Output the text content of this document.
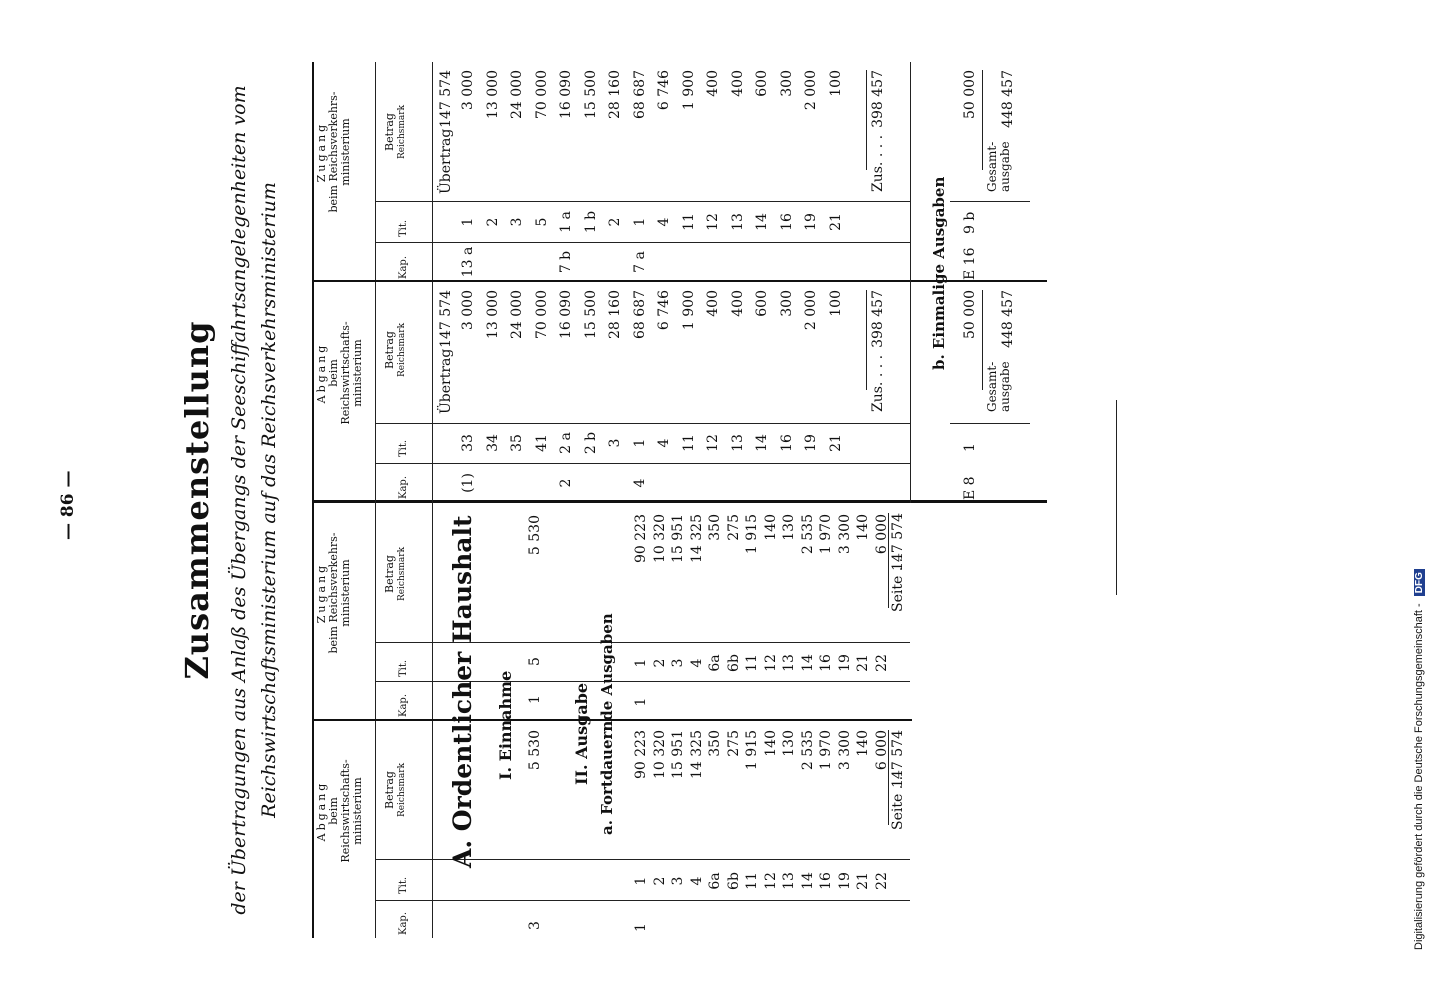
— 86 —	Zusammenstellung der Übertragungen aus Anlaß des Übergangs der Seeschiffahrtsangelegenheiten vom Reichswirtschaftsministerium auf das Reichsverkehrsministerium	Abgang beim Reichswirtschafts-ministerium
Zugang beim Reichsverkehrs-ministerium
Kap.
Tit.
Betrag Reichsmark
Kap.
Tit.
Betrag Reichsmark A. Ordentlicher Haushalt I. Einnahme
3
5 530
1
5
5 530
II. Ausgabe a. Fortdauernde Ausgaben
1
1
90 223
1
1
90 223
2
10 320
2
10 320
3
15 951
3
15 951
4
14 325
4
14 325
6a
350
6a
350
6b
275
6b
275
11
1 915
11
1 915
12
140
12
140
13
130
13
130
14
2 535
14
2 535
16
1 970
16
1 970
19
3 300
19
3 300
21
140
21
140
22
6 000
22
6 000
Seite . .
147 574
Seite . .
147 574
Abgang beim Reichswirtschafts-ministerium
Zugang beim Reichsverkehrs-ministerium
Kap.
Tit.
Betrag Reichsmark
Kap.
Tit.
Betrag Reichsmark
Übertrag
147 574
Übertrag
147 574
(1)
33
3 000
13 a
1
3 000
34
13 000
2
13 000
35
24 000
3
24 000
41
70 000
5
70 000
2
2 a
16 090
7 b
1 a
16 090
2 b
15 500
1 b
15 500
3
28 160
2
28 160
4
1
68 687
7 a
1
68 687
4
6 746
4
6 746
11
1 900
11
1 900
12
400
12
400
13
400
13
400
14
600
14
600
16
300
16
300
19
2 000
19
2 000
21
100
21
100
Zus. . . .
398 457
Zus. . . .
398 457
b. Einmalige Ausgaben
E 8
1
50 000
E 16
9 b
50 000
Gesamt- ausgabe
448 457
Gesamt- ausgabe
448 457
Digitalisierung gefördert durch die Deutsche Forschungsgemeinschaft - DFG
